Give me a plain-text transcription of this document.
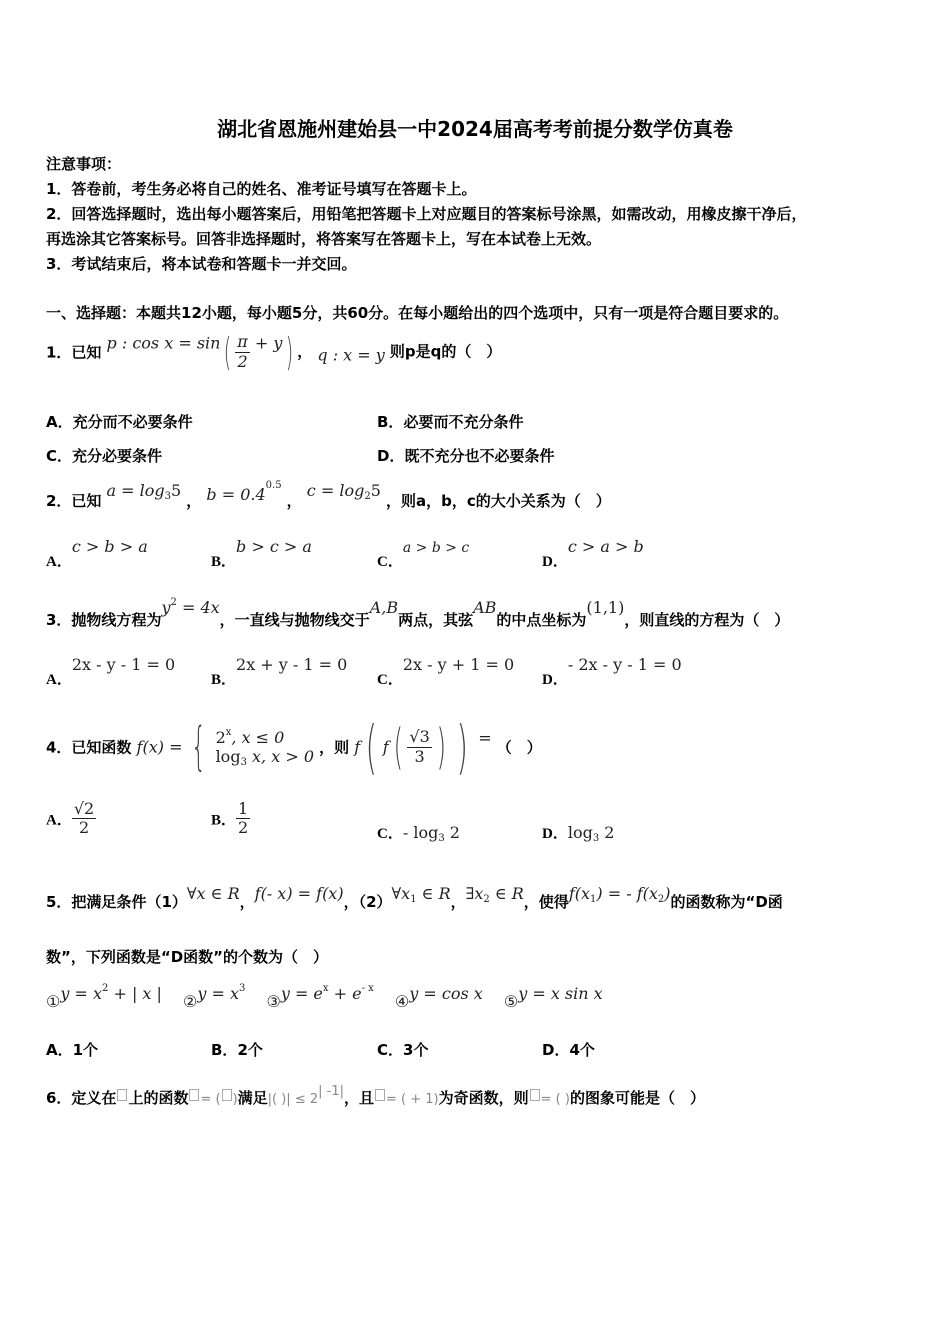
湖北省恩施州建始县一中2024届高考考前提分数学仿真卷
注意事项：
1．答卷前，考生务必将自己的姓名、准考证号填写在答题卡上。
2．回答选择题时，选出每小题答案后，用铅笔把答题卡上对应题目的答案标号涂黑，如需改动，用橡皮擦干净后，
再选涂其它答案标号。回答非选择题时，将答案写在答题卡上，写在本试卷上无效。
3．考试结束后，将本试卷和答题卡一并交回。
一、选择题：本题共12小题，每小题5分，共60分。在每小题给出的四个选项中，只有一项是符合题目要求的。
1．已知 p : $\cos x = \sin( \frac{\pi}{2} + y)$ ， q : x = y 则p是q的（　）
A．充分而不必要条件	B．必要而不充分条件
C．充分必要条件	D．既不充分也不必要条件
2．已知 $a = \log_35$ ， $b = 0.4^{0.5}$ ， $c = \log_25$ ，则a，b，c的大小关系为（　）
A．c > b > a
B．b > c > a
C．a > b > c
D．c > a > b
3．抛物线方程为$y^2 = 4x$，一直线与抛物线交于A,B两点，其弦AB的中点坐标为(1,1)，则直线的方程为（　）
A．2x - y - 1 = 0
B．2x + y - 1 = 0
C．2x - y + 1 = 0
D．- 2x - y - 1 = 0
4．已知函数 f(x) = { 2$^x$, x ≤ 0
$\log_3 x$, x > 0 ，则 f( $f( \frac{√3}{3}$ ) ) = （　）
A． $\frac{√2}{2}$	B． $\frac{1}{2}$	C．- $\log_3 2$	D．$\log_3 2$
5．把满足条件（1）∀x ∈ R，f(- x) = f(x)，$(2)\forall x_1$ ∈ R，$\exists x_2$ ∈ R，使得$f(x_1)$ = - $f(x_2)$的函数称为“D函
数”，下列函数是“D函数”的个数为（　）
①y = $x^2$ + | x | ②y = $x^3$ ③y = $e^x + e^{- x}$ ④y = cos x ⑤y = x sin x
A．1个	B．2个	C．3个	D．4个
6．定义在 上的函数 = ( )满足|( )| ≤ $2^{| -1|}$，且 = ( + 1)为奇函数，则 = ( )的图象可能是（　）
